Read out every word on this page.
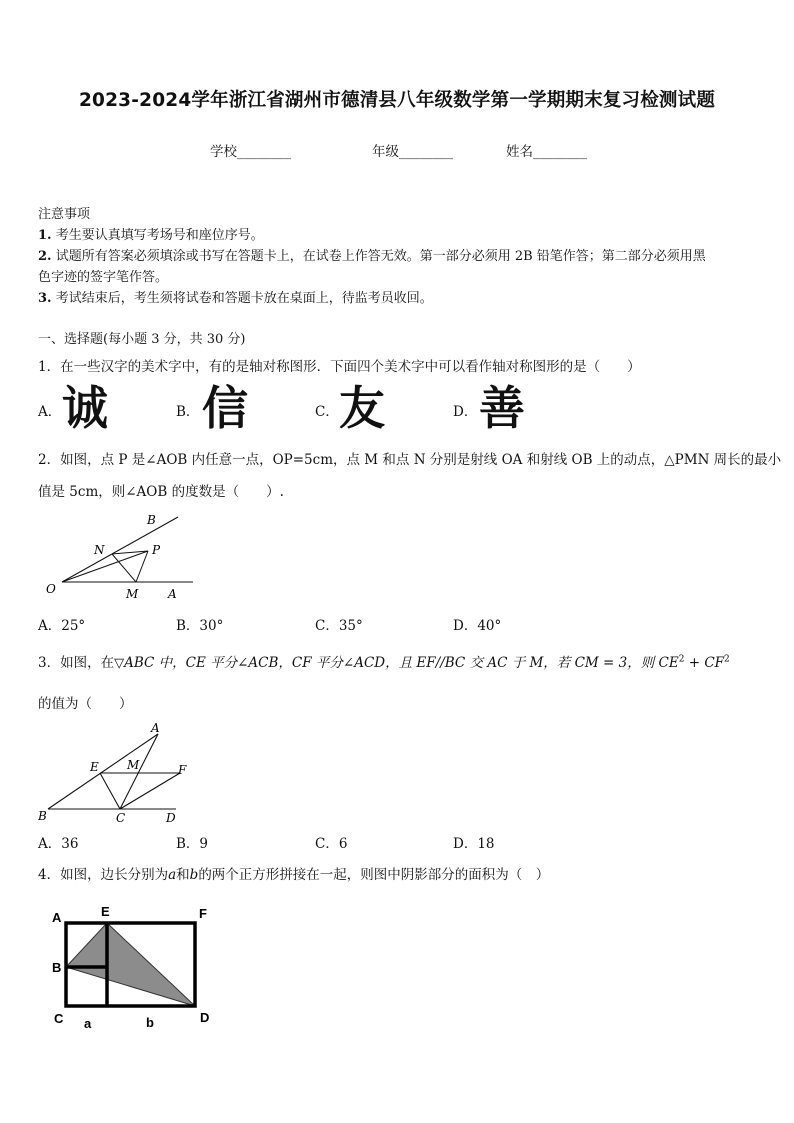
2023-2024学年浙江省湖州市德清县八年级数学第一学期期末复习检测试题
学校________	年级________	姓名________
注意事项
1. 考生要认真填写考场号和座位序号。
2. 试题所有答案必须填涂或书写在答题卡上，在试卷上作答无效。第一部分必须用 2B 铅笔作答；第二部分必须用黑
色字迹的签字笔作答。
3. 考试结束后，考生须将试卷和答题卡放在桌面上，待监考员收回。
一、选择题(每小题 3 分，共 30 分)
1．在一些汉字的美术字中，有的是轴对称图形．下面四个美术字中可以看作轴对称图形的是（　　）
A． 诚	B． 信	C． 友	D． 善
2．如图，点 P 是∠AOB 内任意一点，OP=5cm，点 M 和点 N 分别是射线 OA 和射线 OB 上的动点，△PMN 周长的最小
值是 5cm，则∠AOB 的度数是（　　）.
B
N	P
O	M A
A．25°	B．30°	C．35°	D．40°
3．如图，在▽ABC 中，CE 平分∠ACB，CF 平分∠ACD，且 EF//BC 交 AC 于 M，若 CM = 3，则 $CE^2 + CF^2$
的值为（　　）
A
E M	F
B	C	D
A．36	B．9	C．6	D．18
4．如图，边长分别为a和b的两个正方形拼接在一起，则图中阴影部分的面积为（　）
A	E	F
B
C	D
a	b
